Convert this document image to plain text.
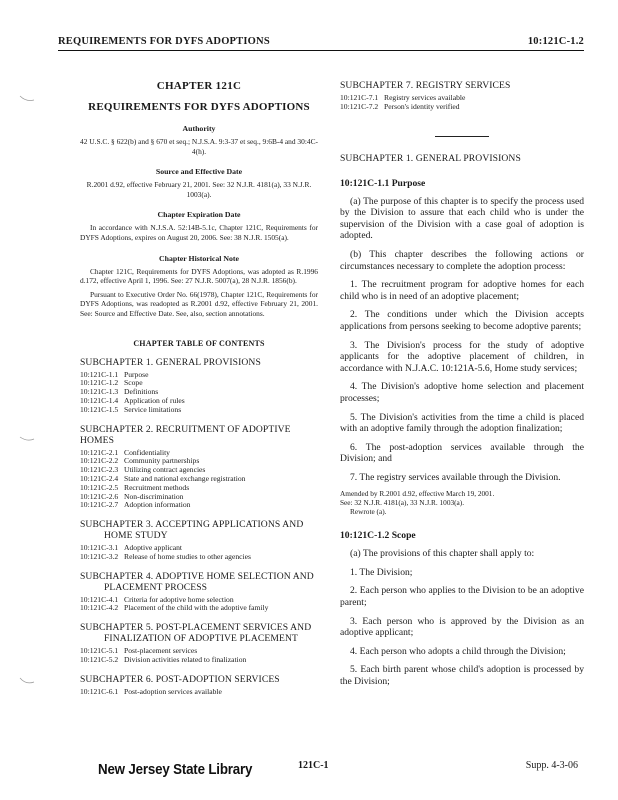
REQUIREMENTS FOR DYFS ADOPTIONS	10:121C-1.2
CHAPTER 121C
REQUIREMENTS FOR DYFS ADOPTIONS
Authority
42 U.S.C. § 622(b) and § 670 et seq.; N.J.S.A. 9:3-37 et seq., 9:6B-4 and 30:4C-4(h).
Source and Effective Date
R.2001 d.92, effective February 21, 2001. See: 32 N.J.R. 4181(a), 33 N.J.R. 1003(a).
Chapter Expiration Date
In accordance with N.J.S.A. 52:14B-5.1c, Chapter 121C, Requirements for DYFS Adoptions, expires on August 20, 2006. See: 38 N.J.R. 1505(a).
Chapter Historical Note
Chapter 121C, Requirements for DYFS Adoptions, was adopted as R.1996 d.172, effective April 1, 1996. See: 27 N.J.R. 5007(a), 28 N.J.R. 1856(b).
Pursuant to Executive Order No. 66(1978), Chapter 121C, Requirements for DYFS Adoptions, was readopted as R.2001 d.92, effective February 21, 2001. See: Source and Effective Date. See, also, section annotations.
CHAPTER TABLE OF CONTENTS
SUBCHAPTER 1. GENERAL PROVISIONS
10:121C-1.1 Purpose
10:121C-1.2 Scope
10:121C-1.3 Definitions
10:121C-1.4 Application of rules
10:121C-1.5 Service limitations
SUBCHAPTER 2. RECRUITMENT OF ADOPTIVE HOMES
10:121C-2.1 Confidentiality
10:121C-2.2 Community partnerships
10:121C-2.3 Utilizing contract agencies
10:121C-2.4 State and national exchange registration
10:121C-2.5 Recruitment methods
10:121C-2.6 Non-discrimination
10:121C-2.7 Adoption information
SUBCHAPTER 3. ACCEPTING APPLICATIONS AND HOME STUDY
10:121C-3.1 Adoptive applicant
10:121C-3.2 Release of home studies to other agencies
SUBCHAPTER 4. ADOPTIVE HOME SELECTION AND PLACEMENT PROCESS
10:121C-4.1 Criteria for adoptive home selection
10:121C-4.2 Placement of the child with the adoptive family
SUBCHAPTER 5. POST-PLACEMENT SERVICES AND FINALIZATION OF ADOPTIVE PLACEMENT
10:121C-5.1 Post-placement services
10:121C-5.2 Division activities related to finalization
SUBCHAPTER 6. POST-ADOPTION SERVICES
10:121C-6.1 Post-adoption services available
SUBCHAPTER 7. REGISTRY SERVICES
10:121C-7.1 Registry services available
10:121C-7.2 Person's identity verified
SUBCHAPTER 1. GENERAL PROVISIONS
10:121C-1.1 Purpose
(a) The purpose of this chapter is to specify the process used by the Division to assure that each child who is under the supervision of the Division with a case goal of adoption is adopted.
(b) This chapter describes the following actions or circumstances necessary to complete the adoption process:
1. The recruitment program for adoptive homes for each child who is in need of an adoptive placement;
2. The conditions under which the Division accepts applications from persons seeking to become adoptive parents;
3. The Division's process for the study of adoptive applicants for the adoptive placement of children, in accordance with N.J.A.C. 10:121A-5.6, Home study services;
4. The Division's adoptive home selection and placement processes;
5. The Division's activities from the time a child is placed with an adoptive family through the adoption finalization;
6. The post-adoption services available through the Division; and
7. The registry services available through the Division.
Amended by R.2001 d.92, effective March 19, 2001.
See: 32 N.J.R. 4181(a), 33 N.J.R. 1003(a).
Rewrote (a).
10:121C-1.2 Scope
(a) The provisions of this chapter shall apply to:
1. The Division;
2. Each person who applies to the Division to be an adoptive parent;
3. Each person who is approved by the Division as an adoptive applicant;
4. Each person who adopts a child through the Division;
5. Each birth parent whose child's adoption is processed by the Division;
New Jersey State Library	121C-1	Supp. 4-3-06
